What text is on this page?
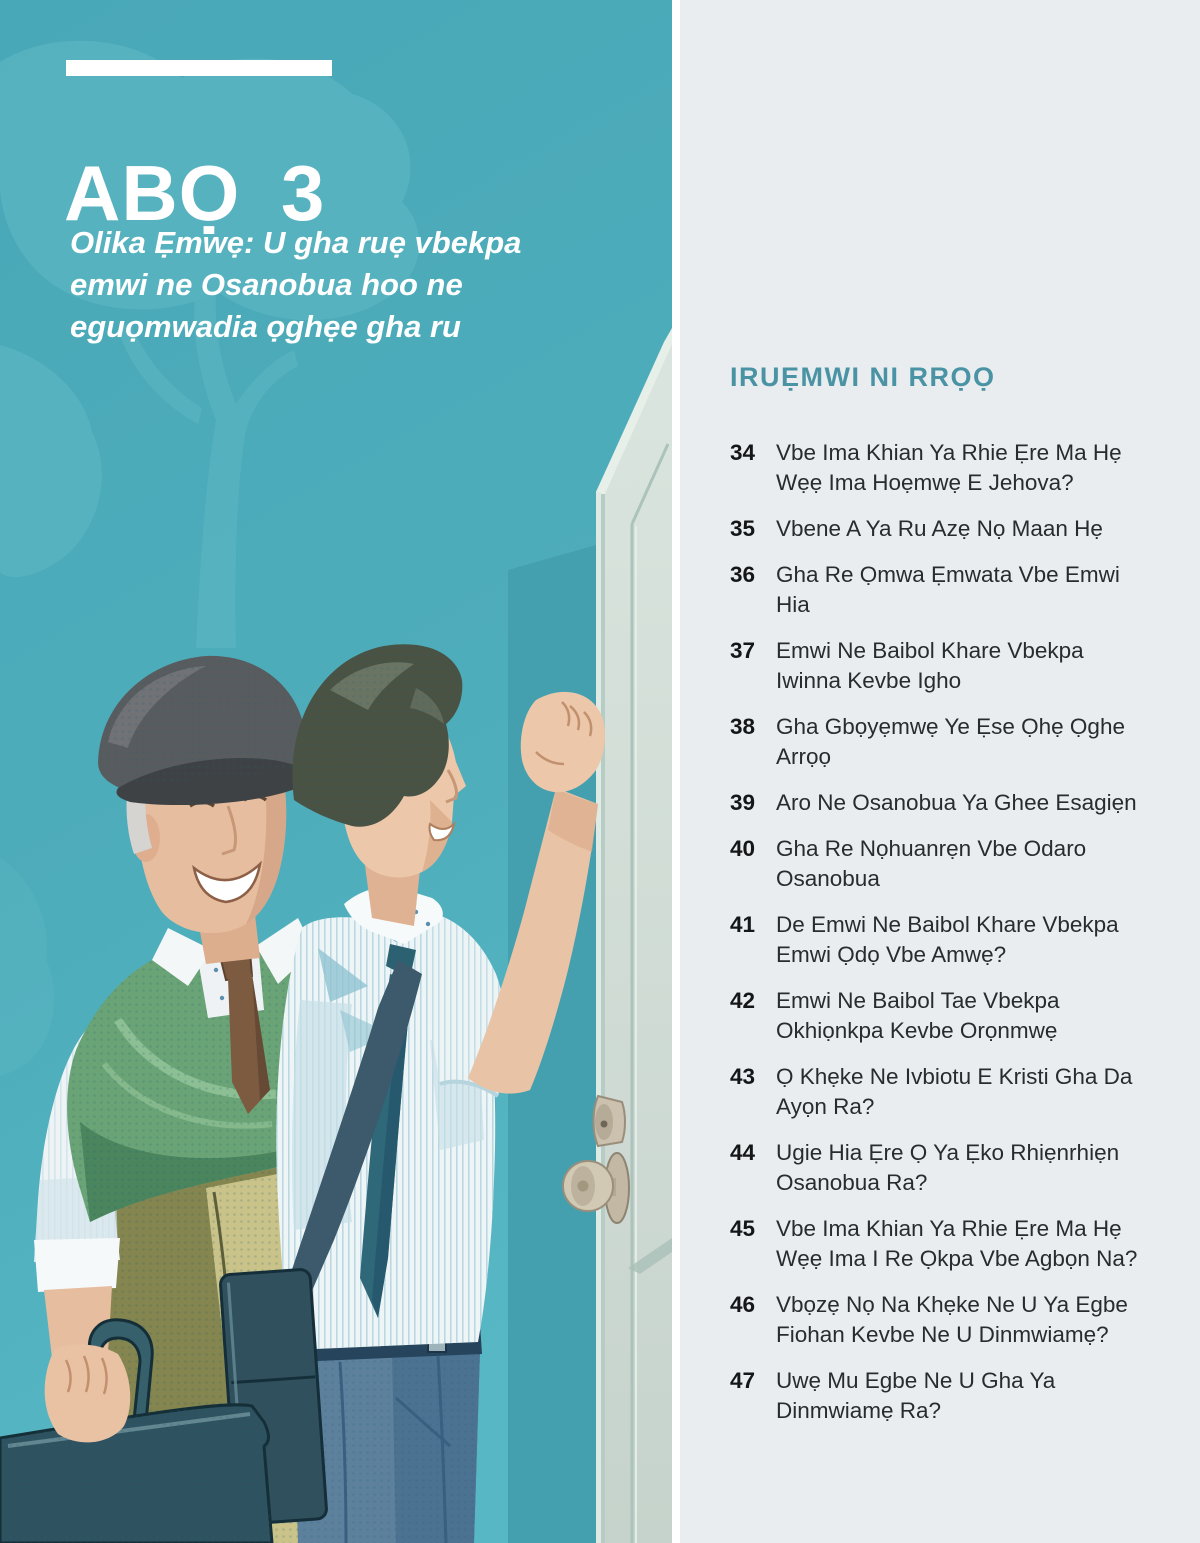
ABỌ 3
Olika Ẹmwẹ: U gha ruẹ vbekpa
emwi ne Osanobua hoo ne
eguọmwadia ọghẹe gha ru
IRUẸMWI NI RRỌỌ
34 Vbe Ima Khian Ya Rhie Ẹre Ma Hẹ Wẹẹ Ima Hoẹmwẹ E Jehova?
35 Vbene A Ya Ru Azẹ Nọ Maan Hẹ
36 Gha Re Ọmwa Ẹmwata Vbe Emwi Hia
37 Emwi Ne Baibol Khare Vbekpa Iwinna Kevbe Igho
38 Gha Gbọyẹmwẹ Ye Ẹse Ọhẹ Ọghe Arrọọ
39 Aro Ne Osanobua Ya Ghee Esagiẹn
40 Gha Re Nọhuanrẹn Vbe Odaro Osanobua
41 De Emwi Ne Baibol Khare Vbekpa Emwi Ọdọ Vbe Amwẹ?
42 Emwi Ne Baibol Tae Vbekpa Okhiọnkpa Kevbe Orọnmwẹ
43 Ọ Khẹke Ne Ivbiotu E Kristi Gha Da Ayọn Ra?
44 Ugie Hia Ẹre Ọ Ya Ẹko Rhiẹnrhiẹn Osanobua Ra?
45 Vbe Ima Khian Ya Rhie Ẹre Ma Hẹ Wẹẹ Ima I Re Ọkpa Vbe Agbọn Na?
46 Vbọzẹ Nọ Na Khẹke Ne U Ya Egbe Fiohan Kevbe Ne U Dinmwiamẹ?
47 Uwẹ Mu Egbe Ne U Gha Ya Dinmwiamẹ Ra?
